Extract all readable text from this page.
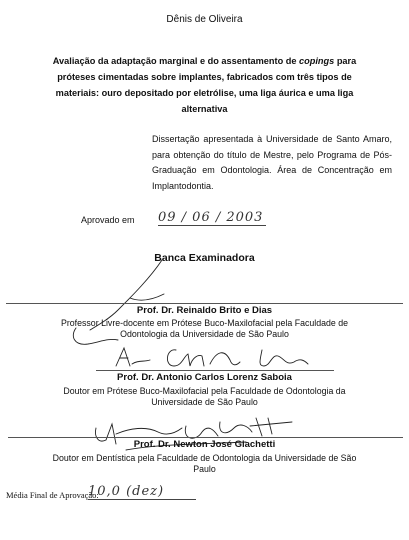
Dênis de Oliveira
Avaliação da adaptação marginal e do assentamento de copings para
próteses cimentadas sobre implantes, fabricados com três tipos de
materiais: ouro depositado por eletrólise, uma liga áurica e uma liga
alternativa
Dissertação apresentada à Universidade de Santo Amaro, para obtenção do título de Mestre, pelo Programa de Pós-Graduação em Odontologia. Área de Concentração em Implantodontia.
Aprovado em 09 / 06 / 2003
Banca Examinadora
Prof. Dr. Reinaldo Brito e Dias
Professor Livre-docente em Prótese Buco-Maxilofacial pela Faculdade de
Odontologia da Universidade de São Paulo
Prof. Dr. Antonio Carlos Lorenz Saboia
Doutor em Prótese Buco-Maxilofacial pela Faculdade de Odontologia da
Universidade de São Paulo
Prof. Dr. Newton José Giachetti
Doutor em Dentística pela Faculdade de Odontologia da Universidade de São
Paulo
Média Final de Aprovação:
10,0 (dez)
